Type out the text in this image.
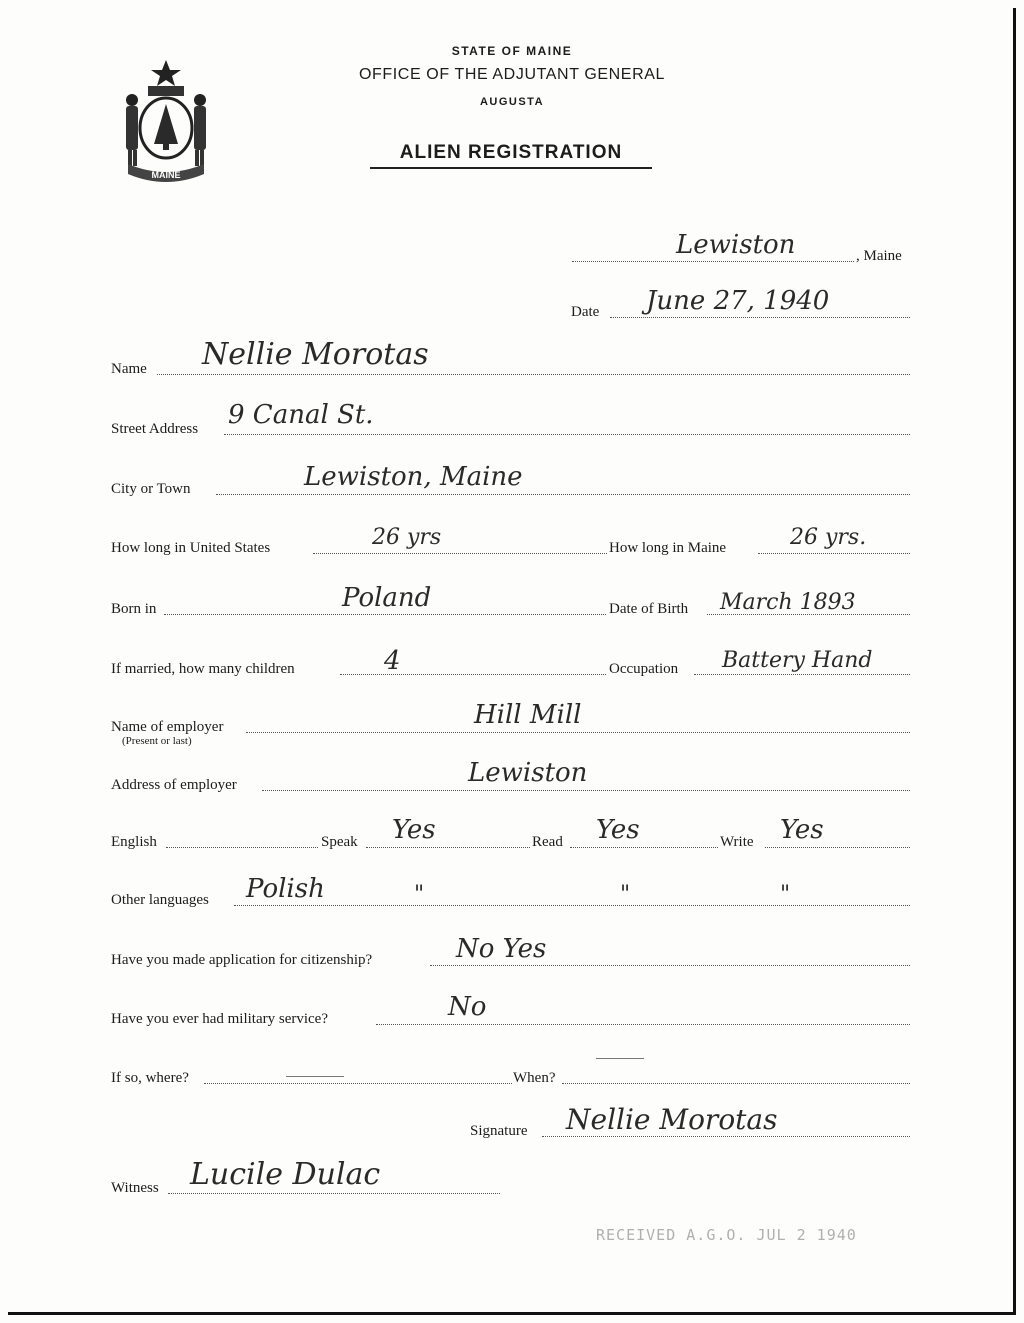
MAINE
STATE OF MAINE
OFFICE OF THE ADJUTANT GENERAL
AUGUSTA
ALIEN REGISTRATION
Lewiston	, Maine
Date June 27, 1940
Name Nellie Morotas
Street Address 9 Canal St.
City or Town	Lewiston, Maine
How long in United States	26 yrs	How long in Maine	26 yrs.
Born in	Poland	Date of Birth March 1893
If married, how many children	4	Occupation Battery Hand
Name of employer
(Present or last)
Hill Mill
Address of employer	Lewiston
English	Speak Yes	Read Yes	Write Yes
Other languages Polish	"	"	"
Have you made application for citizenship?	No Yes
Have you ever had military service?	No
If so, where?	When?
Signature Nellie Morotas
Witness Lucile Dulac
RECEIVED A.G.O. JUL 2 1940
